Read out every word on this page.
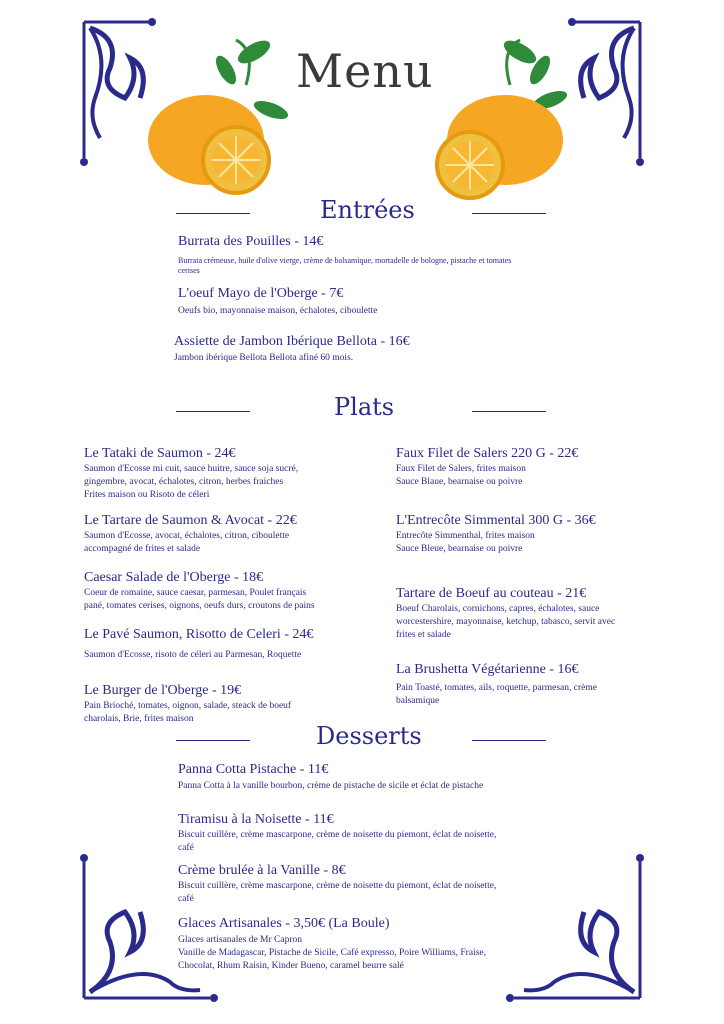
Menu
Entrées
Burrata des Pouilles - 14€
Burrata crémeuse, huile d'olive vierge, crème de balsamique, mortadelle de bologne, pistache et tomates
cerises
L'oeuf Mayo de l'Oberge - 7€
Oeufs bio, mayonnaise maison, échalotes, ciboulette
Assiette de Jambon Ibérique Bellota - 16€
Jambon ibérique Bellota Bellota afiné 60 mois.
Plats
Le Tataki de Saumon - 24€
Saumon d'Ecosse mi cuit, sauce huitre, sauce soja sucré,
gingembre, avocat, échalotes, citron, herbes fraiches
Frites maison ou Risoto de céleri
Le Tartare de Saumon & Avocat - 22€
Saumon d'Ecosse, avocat, échalotes, citron, ciboulette
accompagné de frites et salade
Caesar Salade de l'Oberge - 18€
Coeur de romaine, sauce caesar, parmesan, Poulet français
pané, tomates cerises, oignons, oeufs durs, croutons de pains
Le Pavé Saumon, Risotto de Celeri - 24€
Saumon d'Ecosse, risoto de céleri au Parmesan, Roquette
Le Burger de l'Oberge - 19€
Pain Brioché, tomates, oignon, salade, steack de boeuf
charolais, Brie, frites maison
Faux Filet de Salers 220 G - 22€
Faux Filet de Salers, frites maison
Sauce Blaue, bearnaise ou poivre
L'Entrecôte Simmental 300 G - 36€
Entrecôte Simmenthal, frites maison
Sauce Bleue, bearnaise ou poivre
Tartare de Boeuf au couteau - 21€
Boeuf Charolais, cornichons, capres, échalotes, sauce
worcestershire, mayonnaise, ketchup, tabasco, servit avec
frites et salade
La Brushetta Végétarienne - 16€
Pain Toasté, tomates, ails, roquette, parmesan, crème
balsamique
Desserts
Panna Cotta Pistache - 11€
Panna Cotta à la vanille bourbon, crème de pistache de sicile et éclat de pistache
Tiramisu à la Noisette - 11€
Biscuit cuillère, crème mascarpone, crème de noisette du piemont, éclat de noisette,
café
Crème brulée à la Vanille - 8€
Biscuit cuillère, crème mascarpone, crème de noisette du piemont, éclat de noisette,
café
Glaces Artisanales - 3,50€ (La Boule)
Glaces artisanales de Mr Capron
Vanille de Madagascar, Pistache de Sicile, Café expresso, Poire Williams, Fraise,
Chocolat, Rhum Raisin, Kinder Bueno, caramel beurre salé
